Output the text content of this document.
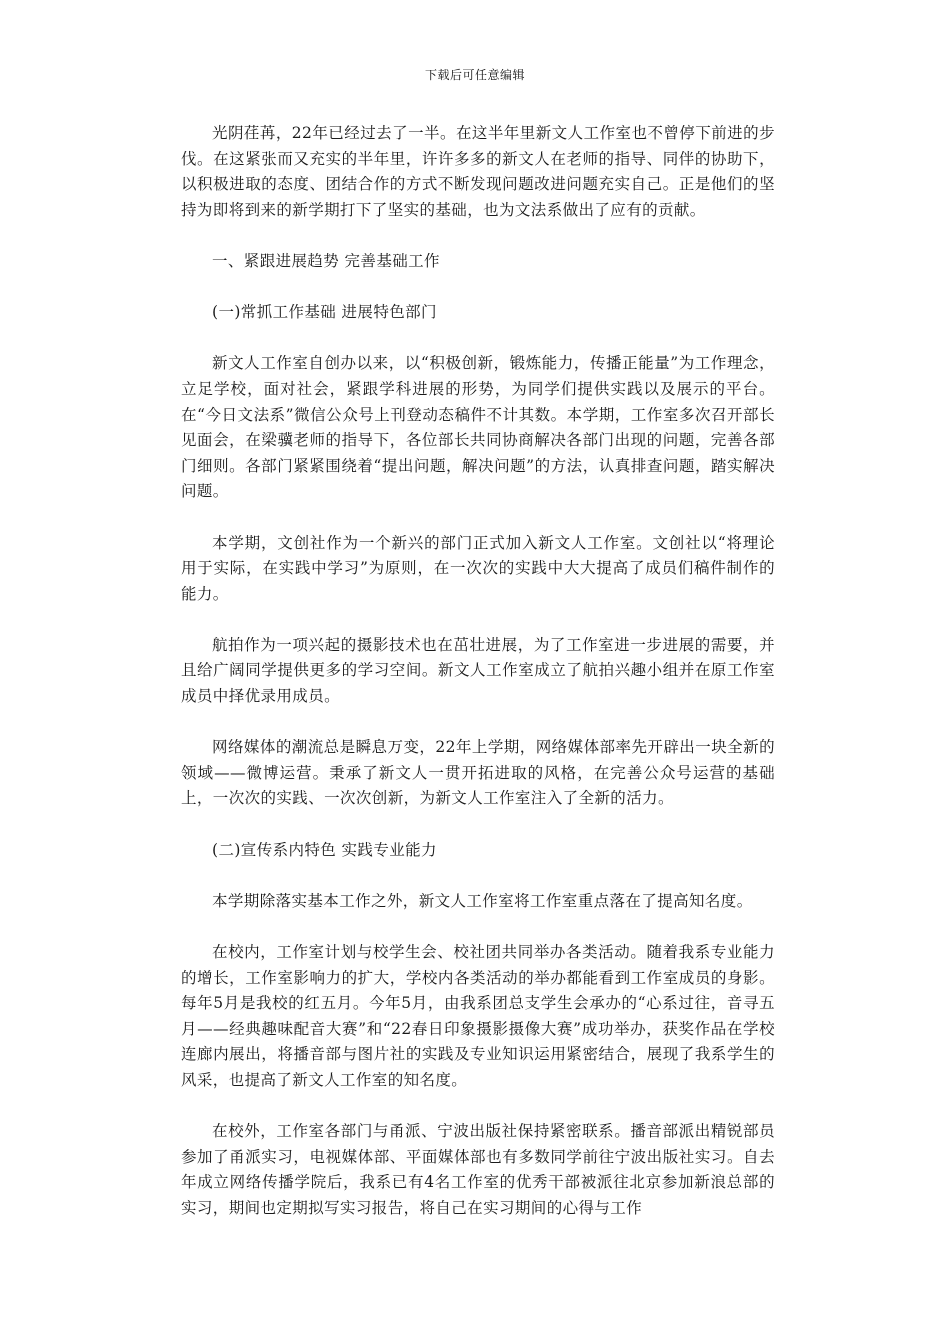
下载后可任意编辑

光阴荏苒，22年已经过去了一半。在这半年里新文人工作室也不曾停下前进的步伐。在这紧张而又充实的半年里，许许多多的新文人在老师的指导、同伴的协助下，以积极进取的态度、团结合作的方式不断发现问题改进问题充实自己。正是他们的坚持为即将到来的新学期打下了坚实的基础，也为文法系做出了应有的贡献。

一、紧跟进展趋势 完善基础工作

(一)常抓工作基础 进展特色部门

新文人工作室自创办以来，以“积极创新，锻炼能力，传播正能量”为工作理念，立足学校，面对社会，紧跟学科进展的形势，为同学们提供实践以及展示的平台。在“今日文法系”微信公众号上刊登动态稿件不计其数。本学期，工作室多次召开部长见面会，在梁骥老师的指导下，各位部长共同协商解决各部门出现的问题，完善各部门细则。各部门紧紧围绕着“提出问题，解决问题”的方法，认真排查问题，踏实解决问题。

本学期，文创社作为一个新兴的部门正式加入新文人工作室。文创社以“将理论用于实际，在实践中学习”为原则，在一次次的实践中大大提高了成员们稿件制作的能力。

航拍作为一项兴起的摄影技术也在茁壮进展，为了工作室进一步进展的需要，并且给广阔同学提供更多的学习空间。新文人工作室成立了航拍兴趣小组并在原工作室成员中择优录用成员。

网络媒体的潮流总是瞬息万变，22年上学期，网络媒体部率先开辟出一块全新的领域——微博运营。秉承了新文人一贯开拓进取的风格，在完善公众号运营的基础上，一次次的实践、一次次创新，为新文人工作室注入了全新的活力。

(二)宣传系内特色 实践专业能力

本学期除落实基本工作之外，新文人工作室将工作室重点落在了提高知名度。

在校内，工作室计划与校学生会、校社团共同举办各类活动。随着我系专业能力的增长，工作室影响力的扩大，学校内各类活动的举办都能看到工作室成员的身影。每年5月是我校的红五月。今年5月，由我系团总支学生会承办的“心系过往，音寻五月——经典趣味配音大赛”和“22春日印象摄影摄像大赛”成功举办，获奖作品在学校连廊内展出，将播音部与图片社的实践及专业知识运用紧密结合，展现了我系学生的风采，也提高了新文人工作室的知名度。

在校外，工作室各部门与甬派、宁波出版社保持紧密联系。播音部派出精锐部员参加了甬派实习，电视媒体部、平面媒体部也有多数同学前往宁波出版社实习。自去年成立网络传播学院后，我系已有4名工作室的优秀干部被派往北京参加新浪总部的实习，期间也定期拟写实习报告，将自己在实习期间的心得与工作
